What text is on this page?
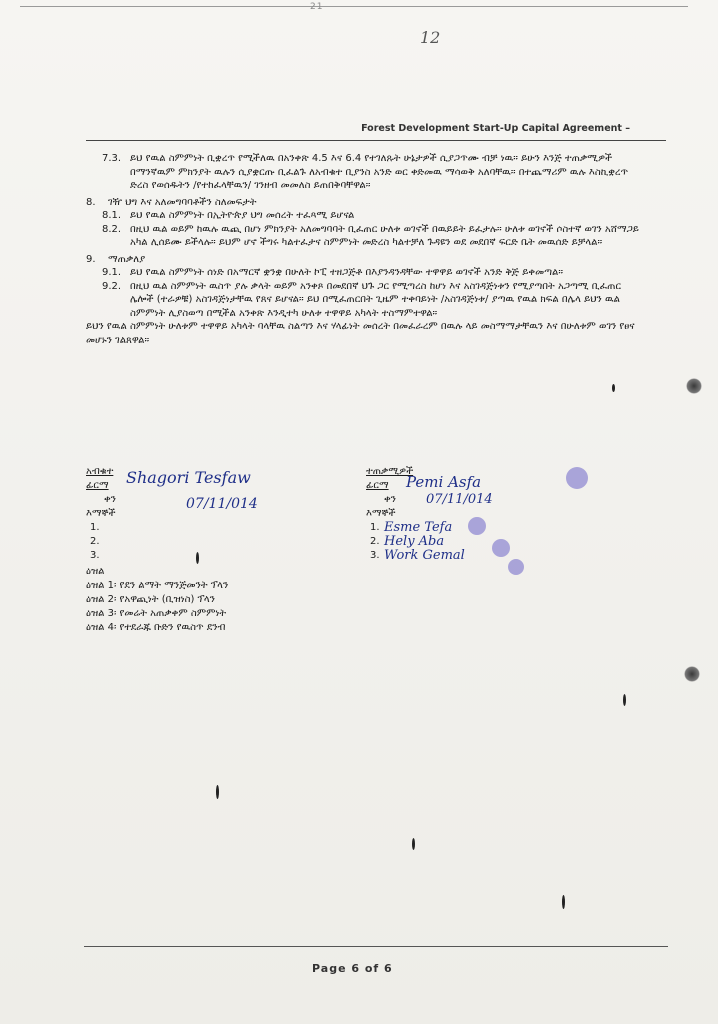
21
12
Forest Development Start-Up Capital Agreement –
7.3. ይህ የዉል ስምምነት ቢቋረጥ የሚችለዉ በአንቀጽ 4.5 እና 6.4 የተገለጹት ሁኔታዎች ሲያጋጥሙ ብቻ ነዉ። ይሁን እንጅ ተጠቃሚዎች በማንኛዉም ምክንያት ዉሉን ሲያቋርጡ ቢፈልጉ ለአብቁተ ቢያንስ አንድ ወር ቀድመዉ ማሳወቅ አለባቸዉ። በተጨማሪም ዉሉ እስኪቋረጥ ድረስ የወሰዱትን /የተከፈላቸዉን/ ገንዘብ መመለስ ይጠበቅባቸዋል።
8. ገዥ ህግ እና አለመግባባቶችን ስለመፍታት
8.1. ይህ የዉል ስምምነት በኢትዮጵያ ህግ መሰረት ተፈጻሚ ይሆናል
8.2. በዚህ ዉል ወይም ከዉሉ ዉጪ በሆነ ምክንያት አለመግባባት ቢፈጠር ሁለቱ ወገኖች በዉይይት ይፈታሉ። ሁለቱ ወገኖች ሶስተኛ ወገን አሸማጋይ አካል ሊሰይሙ ይችላሉ። ይህም ሆኖ ችግሩ ካልተፈታና ስምምነት መድረስ ካልተቻለ ጉዳዩን ወደ መደበኛ ፍርድ ቤት መዉሰድ ይቻላል።
9. ማጠቃለያ
9.1. ይህ የዉል ስምምነት ሰነድ በአማርኛ ቋንቋ በሁለት ኮፒ ተዘጋጅቶ በእያንዳንዳቸው ተዋዋይ ወገኖች አንድ ቅጅ ይቀመጣል።
9.2. በዚህ ዉል ስምምነት ዉስጥ ያሉ ቃላት ወይም አንቀጾ በመደበኛ ህጉ ጋር የሚጣረስ ከሆነ እና አስገዳጅነቱን የሚያጣበት አጋጣሚ ቢፈጠር ሌሎች (ተራዎቹ) አስገዳጅነታቸዉ የጸና ይሆናል። ይህ በሚፈጠርበት ጊዜም ተቀባይነት /አስገዳጅነቱ/ ያጣዉ የዉል ክፍል በሌላ ይህን ዉል ስምምነት ሊያስወጣ በሚችል አንቀጽ እንዲተካ ሁለቱ ተዋዋይ አካላት ተስማምተዋል።
ይህን የዉል ስምምነት ሁለቱም ተዋዋይ አካላት ባላቸዉ ስልጣን እና ሃላፊነት መሰረት በመፈራረም በዉሉ ላይ መስማማታቸዉን እና በሁለቱም ወገን የፀና መሆኑን ገልጸዋል።
አብቁተ
ፊርማ Shagori Tesfaw
ቀን	07/11/014
እማኞች
1.
2.
3.
ተጠቃሚዎች
ፊርማ Pemi Asfa
ቀን 07/11/014
እማኞች
1. Esme Tefa
2. Hely Aba
3. Work Gemal
ዕዝል
ዕዝል 1፡ የደን ልማት ማንጅመንት ፕላን
ዕዝል 2፡ የአዋጪነት (ቢዝነስ) ፕላን
ዕዝል 3፡ የመሬት አጠቃቀም ስምምነት
ዕዝል 4፡ የተደራጁ ቡድን የዉስጥ ደንብ
Page 6 of 6
